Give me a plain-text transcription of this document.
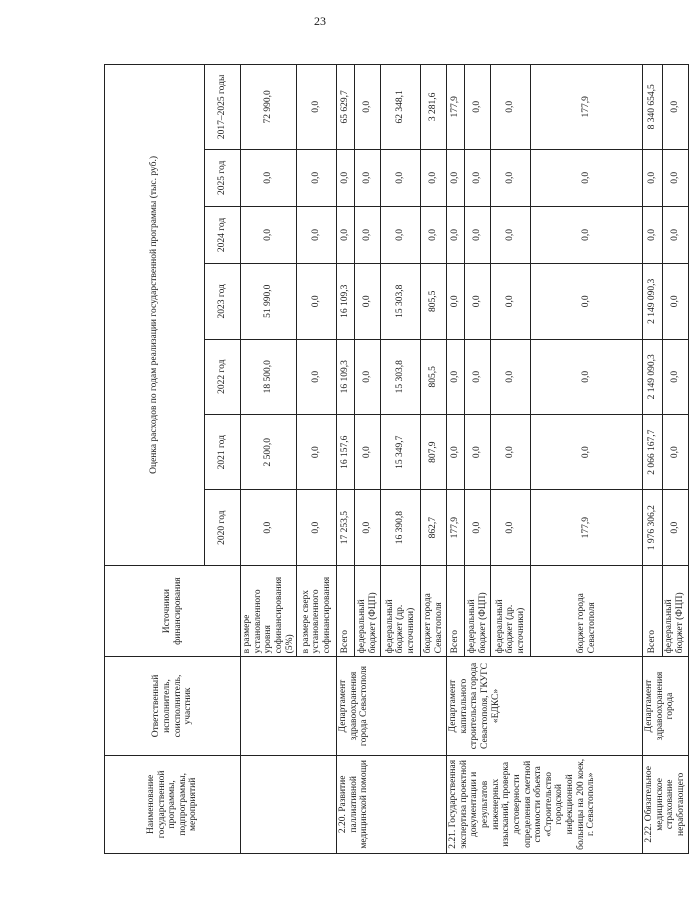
23
Наименование государственной программы, подпрограммы, мероприятий	Ответственный исполнитель, соисполнитель, участник	Источники финансирования	Оценка расходов по годам реализации государственной программы (тыс. руб.)						
			2020 год	2021 год	2022 год	2023 год	2024 год	2025 год	2017–2025 годы
		в размере установленного уровня софинансирования (5%)	0,0	2 500,0	18 500,0	51 990,0	0,0	0,0	72 990,0
		в размере сверх установленного софинансирования	0,0	0,0	0,0	0,0	0,0	0,0	0,0
2.20. Развитие паллиативной медицинской помощи	Департамент здравоохранения города Севастополя	Всего	17 253,5	16 157,6	16 109,3	16 109,3	0,0	0,0	65 629,7
		федеральный бюджет (ФЦП)	0,0	0,0	0,0	0,0	0,0	0,0	0,0
		федеральный бюджет (др. источники)	16 390,8	15 349,7	15 303,8	15 303,8	0,0	0,0	62 348,1
		бюджет города Севастополя	862,7	807,9	805,5	805,5	0,0	0,0	3 281,6
2.21. Государственная экспертиза проектной документации и результатов инженерных изысканий, проверка достоверности определения сметной стоимости объекта «Строительство городской инфекционной больницы на 200 коек, г. Севастополь»	Департамент капитального строительства города Севастополя, ГКУГС «ЕДКС»	Всего	177,9	0,0	0,0	0,0	0,0	0,0	177,9
		федеральный бюджет (ФЦП)	0,0	0,0	0,0	0,0	0,0	0,0	0,0
		федеральный бюджет (др. источники)	0,0	0,0	0,0	0,0	0,0	0,0	0,0
		бюджет города Севастополя	177,9	0,0	0,0	0,0	0,0	0,0	177,9
2.22. Обязательное медицинское страхование неработающего	Департамент здравоохранения города	Всего	1 976 306,2	2 066 167,7	2 149 090,3	2 149 090,3	0,0	0,0	8 340 654,5
		федеральный бюджет (ФЦП)	0,0	0,0	0,0	0,0	0,0	0,0	0,0
